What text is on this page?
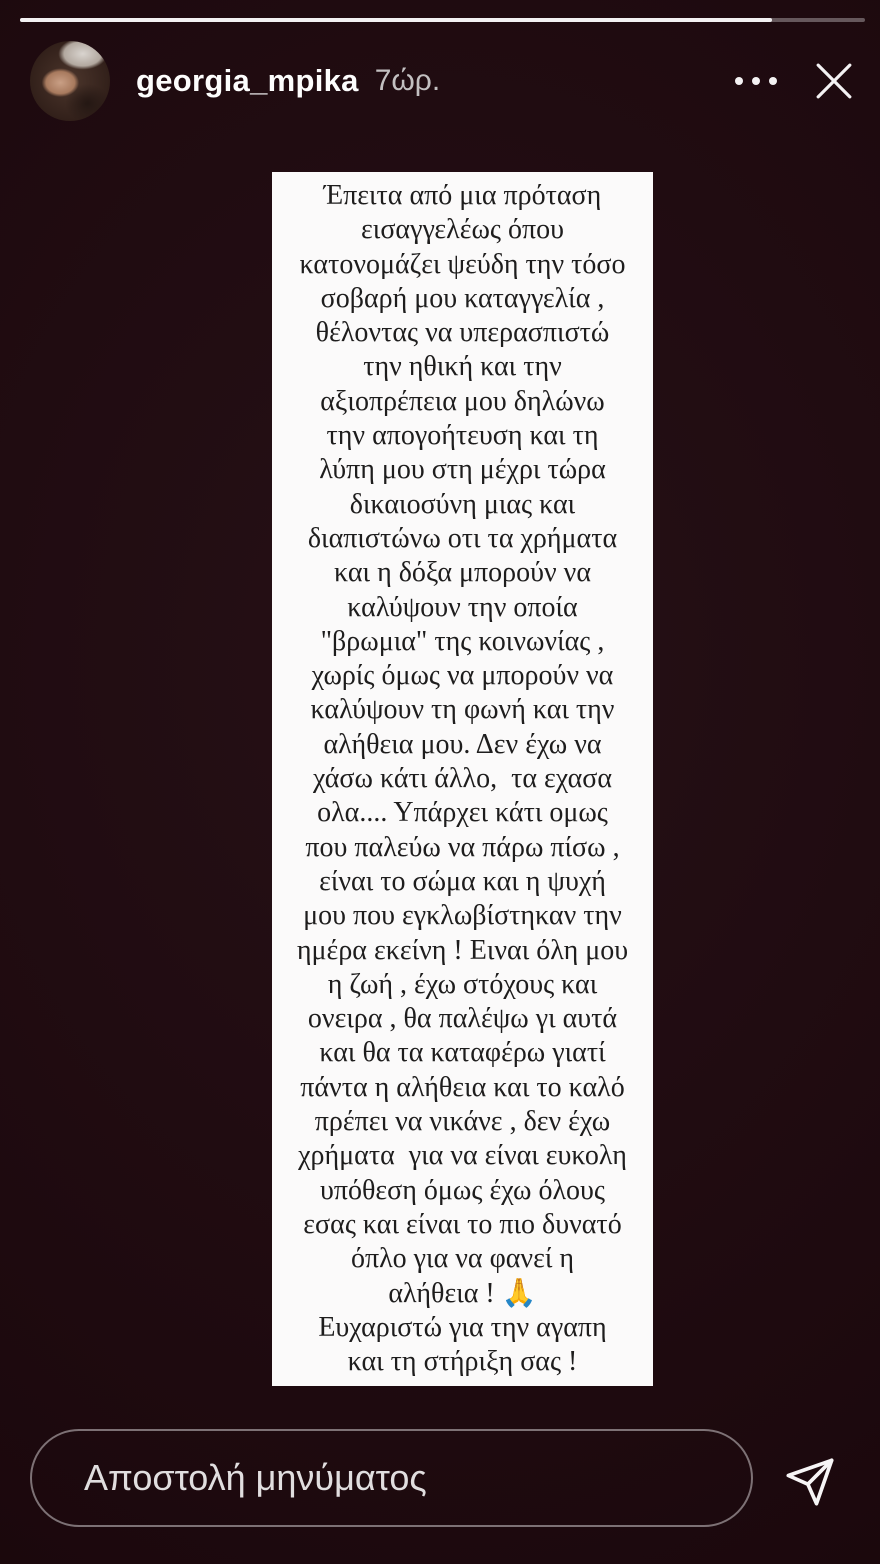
georgia_mpika 7ώρ.
Έπειτα από μια πρόταση
εισαγγελέως όπου
κατονομάζει ψεύδη την τόσο
σοβαρή μου καταγγελία ,
θέλοντας να υπερασπιστώ
την ηθική και την
αξιοπρέπεια μου δηλώνω
την απογοήτευση και τη
λύπη μου στη μέχρι τώρα
δικαιοσύνη μιας και
διαπιστώνω οτι τα χρήματα
και η δόξα μπορούν να
καλύψουν την οποία
"βρωμια" της κοινωνίας ,
χωρίς όμως να μπορούν να
καλύψουν τη φωνή και την
αλήθεια μου. Δεν έχω να
χάσω κάτι άλλο,  τα εχασα
ολα.... Υπάρχει κάτι ομως
που παλεύω να πάρω πίσω ,
είναι το σώμα και η ψυχή
μου που εγκλωβίστηκαν την
ημέρα εκείνη ! Ειναι όλη μου
η ζωή , έχω στόχους και
ονειρα , θα παλέψω γι αυτά
και θα τα καταφέρω γιατί
πάντα η αλήθεια και το καλό
πρέπει να νικάνε , δεν έχω
χρήματα  για να είναι ευκολη
υπόθεση όμως έχω όλους
εσας και είναι το πιο δυνατό
όπλο για να φανεί η
αλήθεια ! 🙏
Ευχαριστώ για την αγαπη
και τη στήριξη σας !
Αποστολή μηνύματος
